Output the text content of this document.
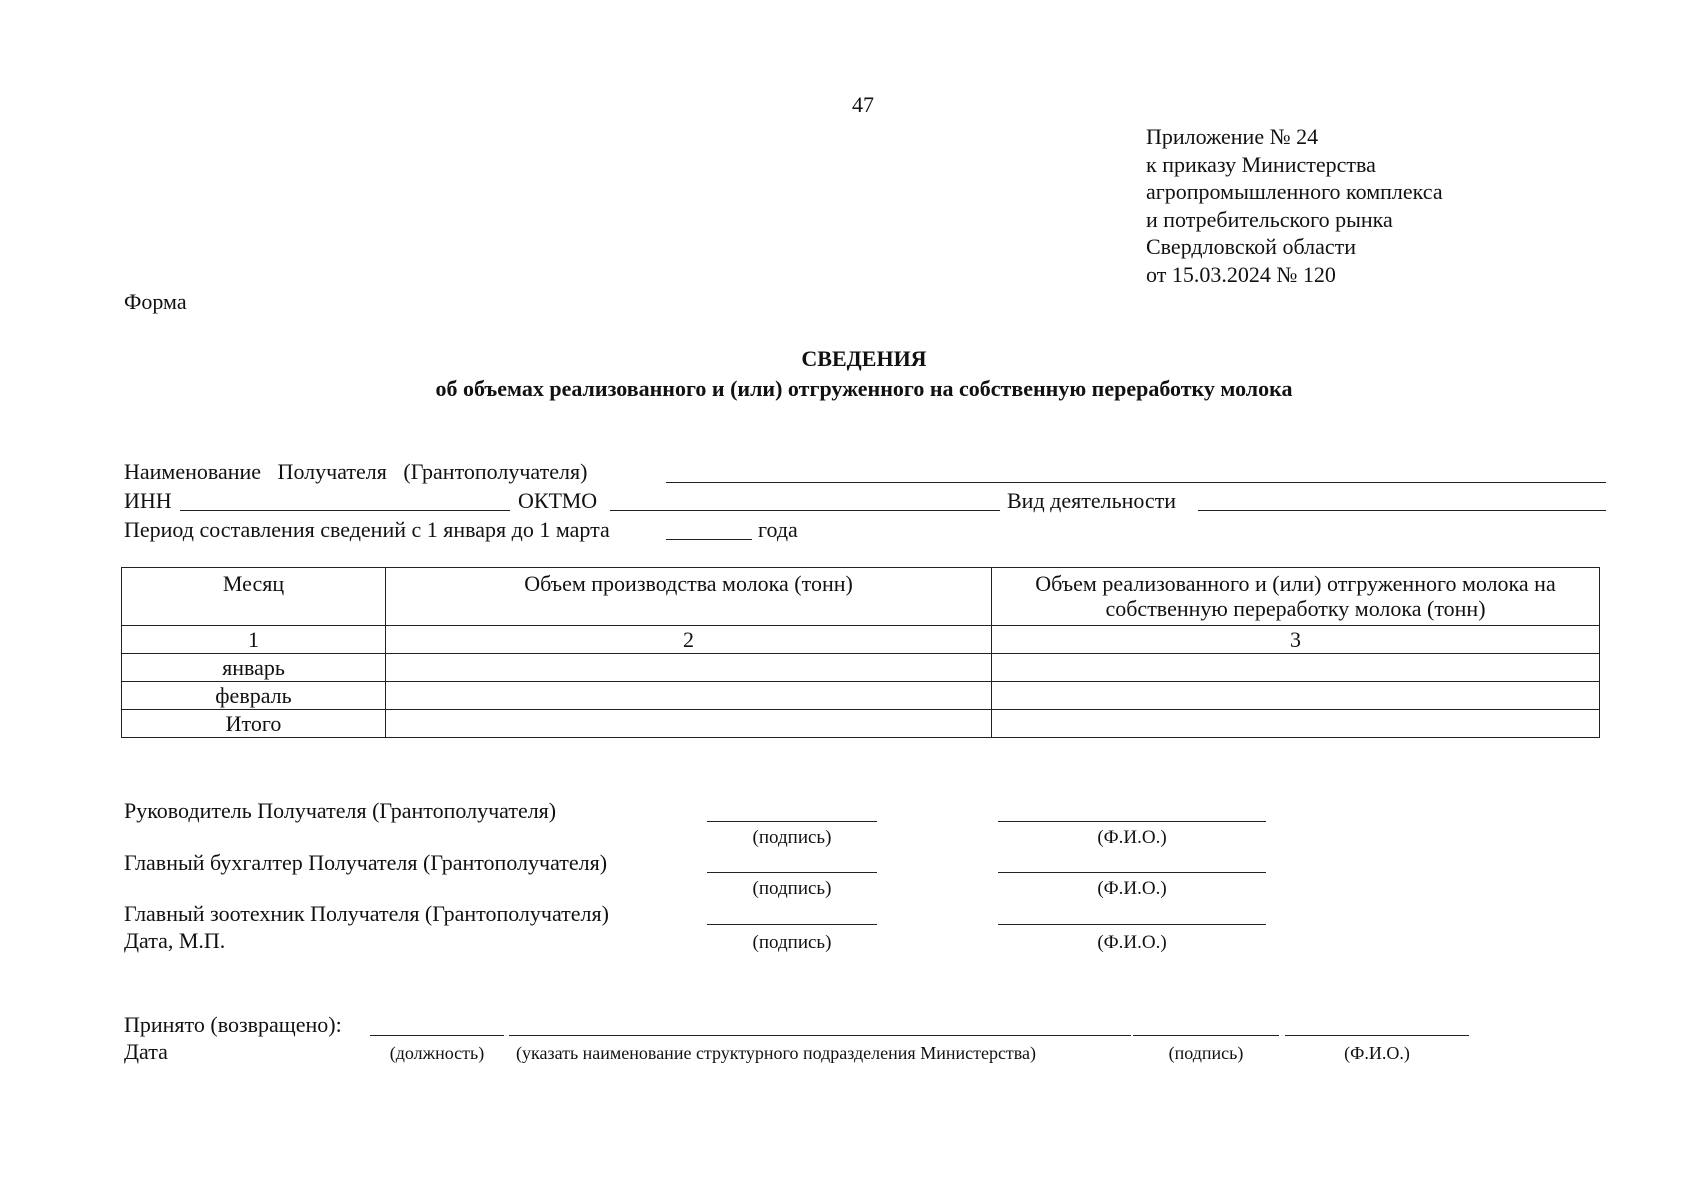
47
Приложение № 24
к приказу Министерства
агропромышленного комплекса
и потребительского рынка
Свердловской области
от 15.03.2024 № 120
Форма
СВЕДЕНИЯ
об объемах реализованного и (или) отгруженного на собственную переработку молока
Наименование   Получателя   (Грантополучателя)
ИНН	ОКТМО	Вид деятельности
Период составления сведений с 1 января до 1 марта	года
Месяц	Объем производства молока (тонн)	Объем реализованного и (или) отгруженного молока на собственную переработку молока (тонн)
1	2	3
январь		
февраль		
Итого		
Руководитель Получателя (Грантополучателя)
(подпись)	(Ф.И.О.)
Главный бухгалтер Получателя (Грантополучателя)
(подпись)	(Ф.И.О.)
Главный зоотехник Получателя (Грантополучателя)
Дата, М.П.	(подпись)	(Ф.И.О.)
Принято (возвращено):
Дата	(должность)	(указать наименование структурного подразделения Министерства)	(подпись)	(Ф.И.О.)
